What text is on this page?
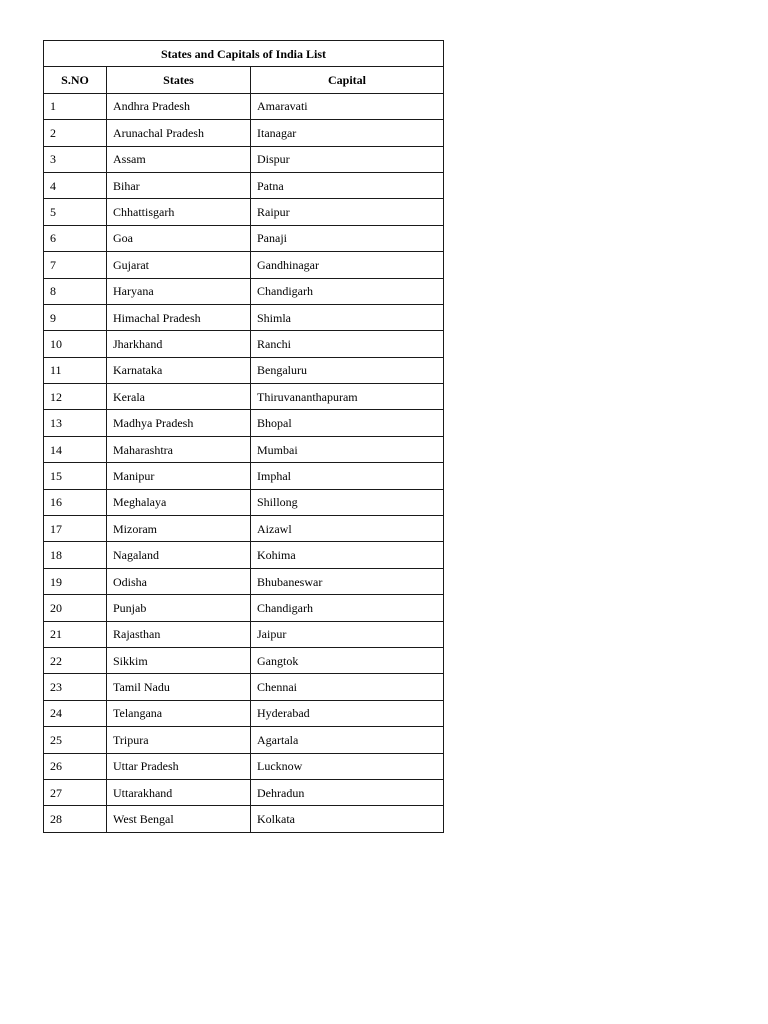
States and Capitals of India List		
S.NO	States	Capital
1	Andhra Pradesh	Amaravati
2	Arunachal Pradesh	Itanagar
3	Assam	Dispur
4	Bihar	Patna
5	Chhattisgarh	Raipur
6	Goa	Panaji
7	Gujarat	Gandhinagar
8	Haryana	Chandigarh
9	Himachal Pradesh	Shimla
10	Jharkhand	Ranchi
11	Karnataka	Bengaluru
12	Kerala	Thiruvananthapuram
13	Madhya Pradesh	Bhopal
14	Maharashtra	Mumbai
15	Manipur	Imphal
16	Meghalaya	Shillong
17	Mizoram	Aizawl
18	Nagaland	Kohima
19	Odisha	Bhubaneswar
20	Punjab	Chandigarh
21	Rajasthan	Jaipur
22	Sikkim	Gangtok
23	Tamil Nadu	Chennai
24	Telangana	Hyderabad
25	Tripura	Agartala
26	Uttar Pradesh	Lucknow
27	Uttarakhand	Dehradun
28	West Bengal	Kolkata
